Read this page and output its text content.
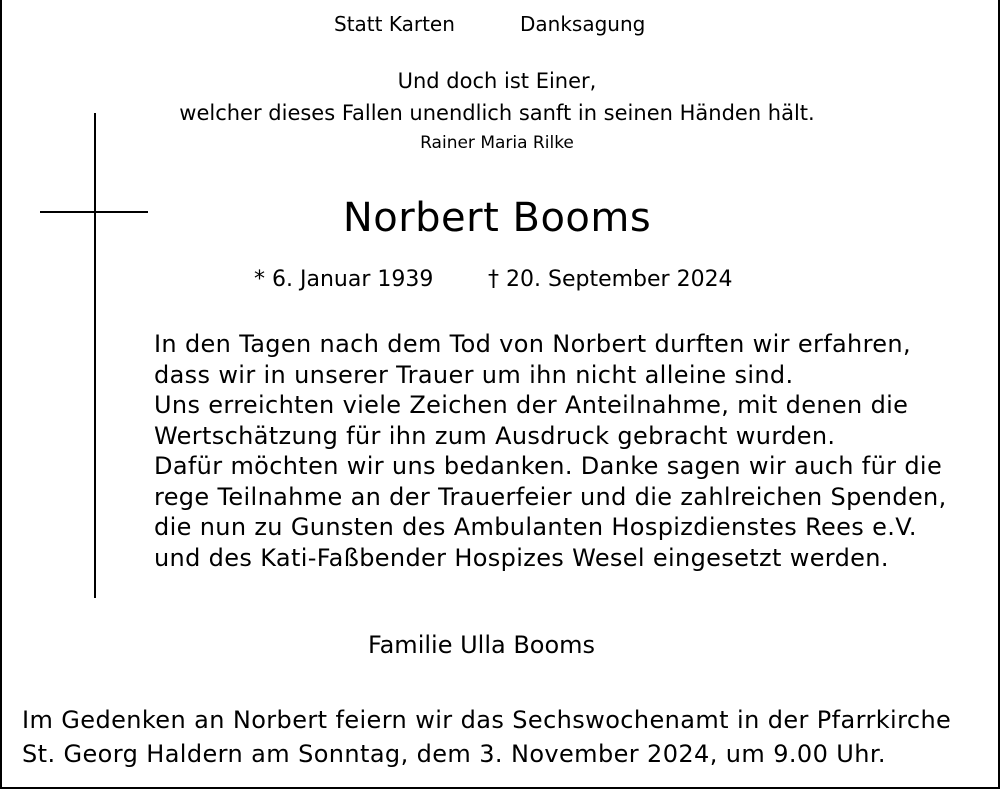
Statt Karten	Danksagung
Und doch ist Einer,
welcher dieses Fallen unendlich sanft in seinen Händen hält.
Rainer Maria Rilke
Norbert Booms
* 6. Januar 1939 † 20. September 2024
In den Tagen nach dem Tod von Norbert durften wir erfahren,
dass wir in unserer Trauer um ihn nicht alleine sind.
Uns erreichten viele Zeichen der Anteilnahme, mit denen die
Wertschätzung für ihn zum Ausdruck gebracht wurden.
Dafür möchten wir uns bedanken. Danke sagen wir auch für die
rege Teilnahme an der Trauerfeier und die zahlreichen Spenden,
die nun zu Gunsten des Ambulanten Hospizdienstes Rees e.V.
und des Kati-Faßbender Hospizes Wesel eingesetzt werden.
Familie Ulla Booms
Im Gedenken an Norbert feiern wir das Sechswochenamt in der Pfarrkirche
St. Georg Haldern am Sonntag, dem 3. November 2024, um 9.00 Uhr.
